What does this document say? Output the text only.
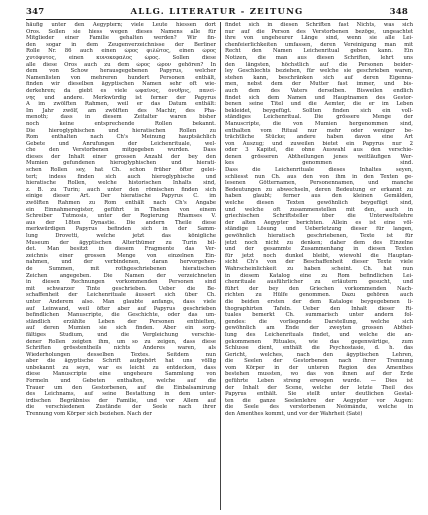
347	ALLG. LITERATUR - ZEITUNG	348
häufig unter den Aegyptern; viele Leute hiessen dort
Oros. Sollen sie hiess wegen dieses Namens alle für
Mitglieder einer Familie gehalten werden? Wir fin-
den sogar in dem Zeugenverzeichnisse der Berliner
Rolle Nr. 86 auch einen ὧρος φιλῶτος, einen ὧρος
χυτόφυτος, einen κυνοκεφαλος ὧρος. Sollen diese
alle diese Oros auch zu dem ὧρος ὧρον gehören? In
dem von Schow herausgegebenen Papyrus, welcher
Namenlisten von mehreren hundert Personen enthält,
finden wir dieselben ägyptischen Namen sehr oft wie-
derkehren; da giebt es viele ωφαῖνος, ὀνυθρις, πανεί-
νης und andere. Merkwürdig ist ferner der Papyrus
A im zwölften Rahmen, weil er das Datum enthält:
Im Jahr zwölf, am zwölften des Machir, des Pha-
menoth; dass in diesem Zeitalter waren bisher
noch keine entsprechende Rollen bekannt.
Die hieroglyphischen und hieratischen Rollen zu
Rom enthalten nach Ch's Meinung hauptsächlich
Gebete und Anrufungen der Leichenrituale, wel-
che den Verstorbenen mitgegeben wurden. Dass
dieses der Inhalt einer grossen Anzahl der bey den
Mumien gefundenen hieroglyphischen und hierati-
schen Rollen sey, hat Ch. schon früher öfter gelei-
tert; indess finden sich auch hieroglyphische und
hieratische Rollen, welche historischen Inhalts sind,
z. B. zu Turin; auch unter den römischen finden sich
einige dieser Art. Der hieratische Papyrus C. im
zwölften Rahmen zu Rom enthält nach Ch's Angabe
ein Einnahmeregister, geführt in Theben von einem
Schreiber Tutmosis, unter der Regierung Rhamses V.
aus der 18ten Dynastie. Die andern Theile diese
merkwürdigen Papyrus befinden sich in der Samm-
lung Drovetti, welche jetzt das königliche
Museum der ägyptischen Alterthümer zu Turin bil-
det. Man besitzt in diesem Fragmente das Ver-
zeichnis einer grossen Menge von einzelnen Ein-
nahmen, und der verbindenen, daran hervorgehen-
de Summen, mit rothgeschriebenen hieratischen
Zeichen angegeben. Die Namen der verzeichneten
in diesen Rechnungen vorkommenden Personen sind
mit schwarzer Tinte geschrieben. Ueber die Be-
schaffenheit der Leichenrituale äussert sich über Ch.
unter Anderem also. Man glaubte anfangs, dass viele
auf Leinwand, weil öfter aber auf Papyrus geschrieben
befindlichen Manuscripte, die Geschichte, oder das um-
ständlich erzählte Leben der Personen enthielten,
auf deren Mumien sie sich finden. Aber ein sorg-
fältiges Studium, und die Vergleichung verschie-
dener Rollen zeigten ihm, um so zu zeigen, dass diese
Schriften grösstentheils nichts Anderes waren, als
Wiederholungen desselben Textes. Seitdem nun
aber die ägyptische Schrift aufgehört hat uns völlig
unbekannt zu seyn, war es leicht zu entdecken, dass
diese Manuscripte eine ungeheure Sammlung von
Formeln und Gebeten enthalten, welche auf die
Trauer um den Gestorbenen, auf die Einbalsamirung
des Leichnams, auf seine Bestattung in dem unter-
irdischen Begräbniss der Familie, und vor Allem auf
die verschiedenen Zustände der Seele nach ihrer
Trennung vom Körper sich beziehen. Nach der
findet sich in diesen Schriften fast Nichts, was sich
nur auf die Person des Verstorbenen bezöge, ungeachtet
ihre von ungeheurer Länge sind, wenn sie alle Lei-
chenfeierlichkeiten umfassen, deren Vereinigung man mit
Recht den Namen Leichenritual geben kann. Ein
Notizen, die man aus diesen Schriften, lehrt uns
den längsten, höchstlich auf die Personen beider-
ley Geschlechts beziehen, für welche sie geschrieben waren,
stehen kann, beschränken sich auf deren Eigenna-
men, nebst dem der Mutter fast immer, und bis-
auch dem des Vaters derselben. Bisweilen endlich
findet sich dem Namen und Hauptnamen des Gestor-
benen seine Titel und die Aemter, die er im Leben
bekleidet, beygefügt. Sollten finden sich ein voll-
ständiges Leichenritual. Die grössere Menge der
Manuscripte, die von Mumien hergenommen sind,
enthalten vom Ritual nur mehr oder weniger be-
trächtliche Stücke; andere haben davon eine Art
von Auszug; und zuweilen bietet ein Papyrus nur 2
oder 3 Kapitel, die ohne Auswahl aus den verschie-
denen grösseren Abtheilungen jenes weitläufigen Wer-
kes genommen sind.
Dass die Leichenrituale dieses Inhaltes seyen,
schliesst nun Ch. aus den von ihm in den Texten ge-
lesenen Götternamen, Personennamen, und manche
Bedeutungen zu abwechseln, deren Bedeutung er erkannt zu
haben glaubt; ferner aus den kleinen Gemälden,
welche diesen Texten gewöhnlich beygefügt sind,
und welche oft zusammenstellen mit den, auch in
griechischen Schriftsteller über die Unterweltslehre
der alten Aegypter berichten. Allein es ist eine völ-
ständige Lösung und Ueberletzung dieser für langen,
gewöhnlich hieratisch geschriebenen, Texte ist für
jetzt noch nicht zu denken; daher dem des Einzelne
und der gesammte Zusammenhang in diesen Texten
für jetzt noch dunkel bleibt, wiewohl die Hauptan-
sicht Ch's von der Beschaffenheit dieser Texte viele
Wahrscheinlichkeit zu haben scheint. Ch. hat nun
in diesem Katalog eine zu Rom befindlichen Lei-
chenrituale ausführlicher zu erläutern gesucht, und
führt der bey den Griechen vorkommenden Nach-
richten zu Hülfe genommen. Dazu gehören auch
die beiden ersten der dem Kataloge beygegebenen li-
thographirten Tafeln. Ueber den Inhalt dieser Ri-
tuales bemerkt Ch. summarisch unter andern fol-
gendes: die vorliegende Darstellung, welche sich
gewöhnlich am Ende der zweyten grossen Abthei-
lung des Leichenrituals findet, und welche die an-
gekommenen Rituales, wie das gegenwärtige, zum
Schlusse dient, enthält die Psychostasie, d. h. das
Gericht, welches, nach den ägyptischen Lehren,
die Seelen der Gestorbenen nach ihrer Trennung
vom Körper in der unteren Region des Amenthes
bestehen mussten, wo das von ihnen auf der Erde
geführte Leben streng erwogen wurde. — Dies ist
der Inhalt der Scene, welche der letzte Theil des
Papyrus enthält. Sie stellt unter deutlichen Gestal-
ten die ganze Seelenlehre der Aegypter vor Augen:
die Seele des verstorbenen Neômându, welche in
den Amenthes kommt, und vor der Wahrheit (Satê)
